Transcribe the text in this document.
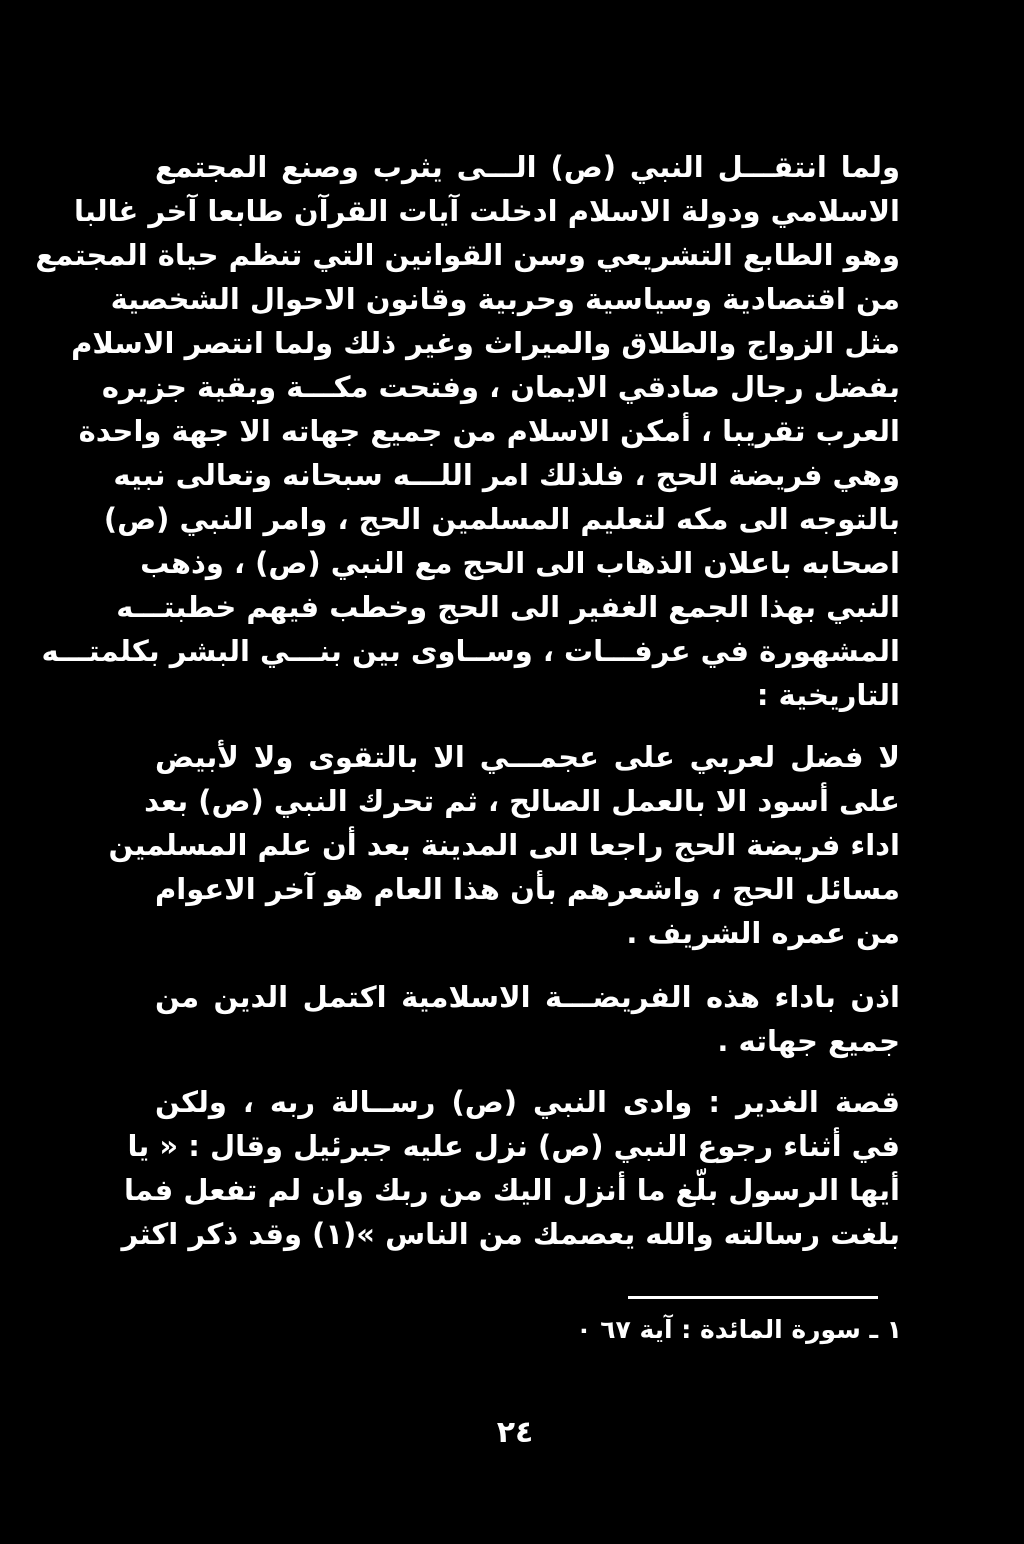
ولما انتقـــل النبي (ص) الـــى يثرب وصنع المجتمع
الاسلامي ودولة الاسلام ادخلت آيات القرآن طابعا آخر غالبا
وهو الطابع التشريعي وسن القوانين التي تنظم حياة المجتمع
من اقتصادية وسياسية وحربية وقانون الاحوال الشخصية
مثل الزواج والطلاق والميراث وغير ذلك ولما انتصر الاسلام
بفضل رجال صادقي الايمان ، وفتحت مكـــة وبقية جزيره
العرب تقريبا ، أمكن الاسلام من جميع جهاته الا جهة واحدة
وهي فريضة الحج ، فلذلك امر اللـــه سبحانه وتعالى نبيه
بالتوجه الى مكه لتعليم المسلمين الحج ، وامر النبي (ص)
اصحابه باعلان الذهاب الى الحج مع النبي (ص) ، وذهب
النبي بهذا الجمع الغفير الى الحج وخطب فيهم خطبتـــه
المشهورة في عرفـــات ، وســاوى بين بنـــي البشر بكلمتـــه
التاريخية :
لا فضل لعربي على عجمـــي الا بالتقوى ولا لأبيض
على أسود الا بالعمل الصالح ، ثم تحرك النبي (ص) بعد
اداء فريضة الحج راجعا الى المدينة بعد أن علم المسلمين
مسائل الحج ، واشعرهم بأن هذا العام هو آخر الاعوام
من عمره الشريف .
اذن باداء هذه الفريضـــة الاسلامية اكتمل الدين من
جميع جهاته .
قصة الغدير : وادى النبي (ص) رســالة ربه ، ولكن
في أثناء رجوع النبي (ص) نزل عليه جبرئيل وقال : « يا
أيها الرسول بلّغ ما أنزل اليك من ربك وان لم تفعل فما
بلغت رسالته والله يعصمك من الناس »(١) وقد ذكر اكثر
١ ـ سورة المائدة : آية ٦٧ ٠
٢٤
